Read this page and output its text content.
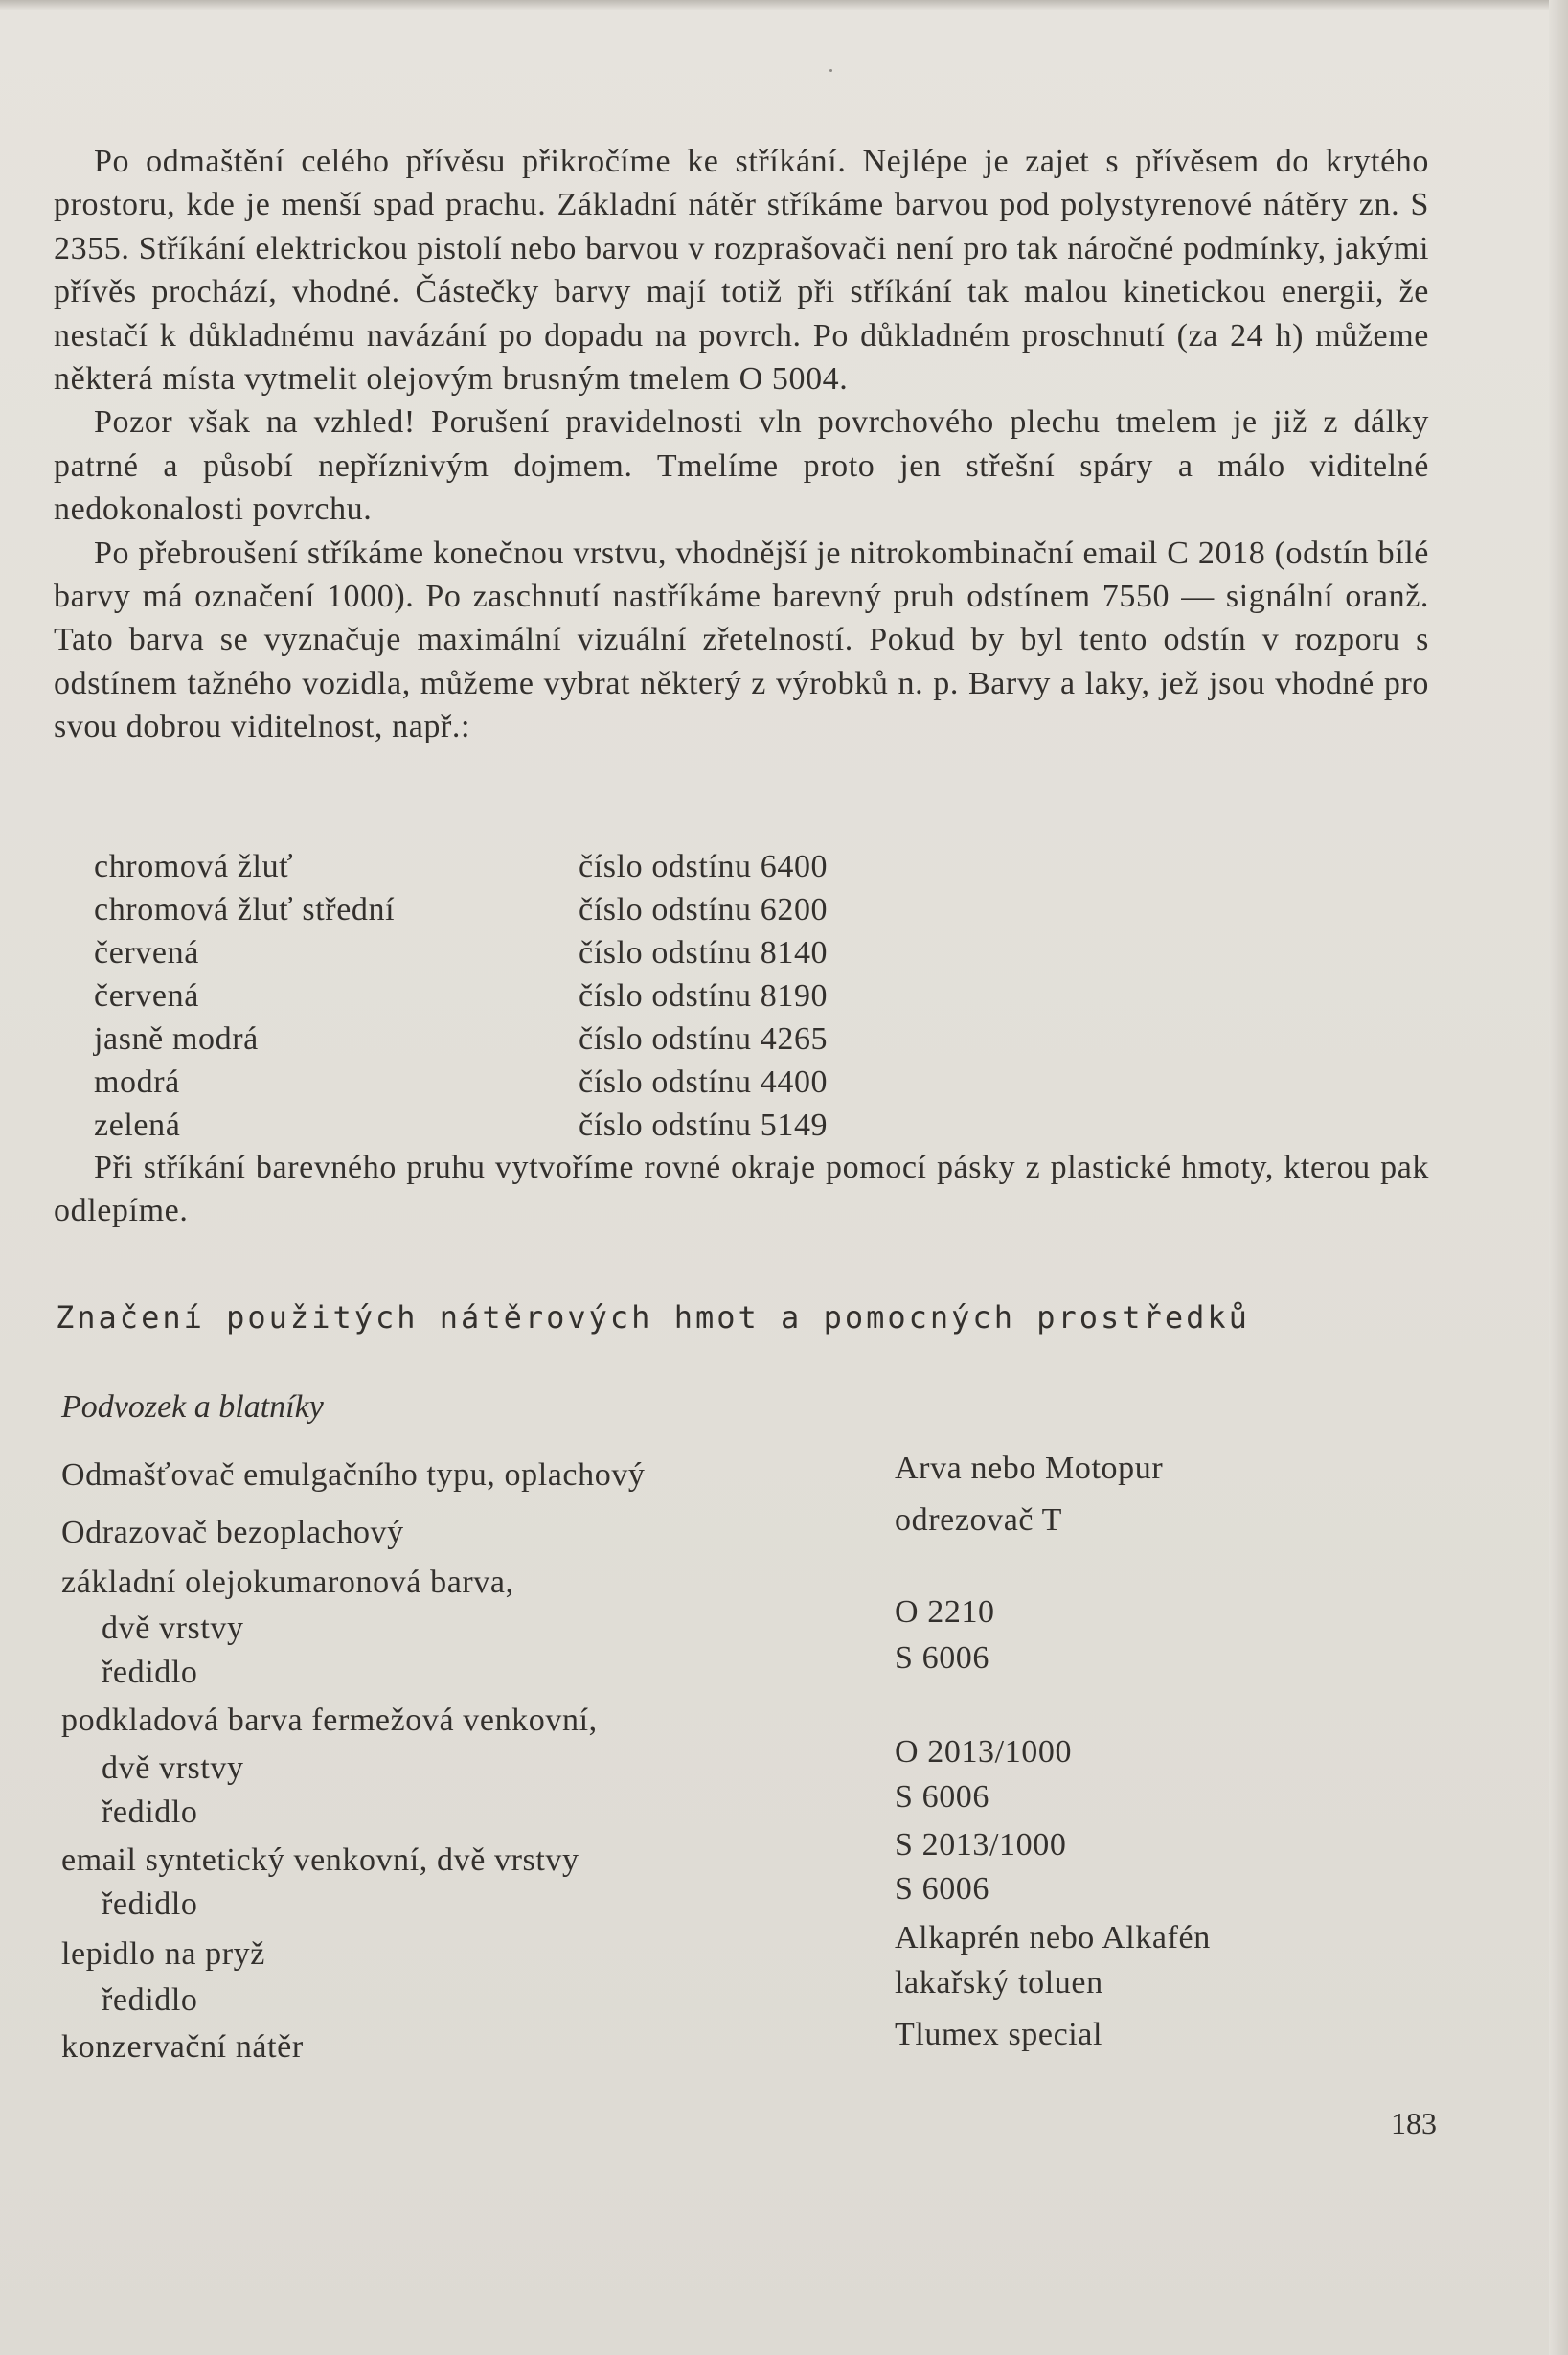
Po odmaštění celého přívěsu přikročíme ke stříkání. Nejlépe je zajet s přívěsem do krytého prostoru, kde je menší spad prachu. Základní nátěr stříkáme barvou pod polystyrenové nátěry zn. S 2355. Stříkání elektrickou pistolí nebo barvou v rozprašovači není pro tak náročné podmínky, jakými přívěs prochází, vhodné. Částečky barvy mají totiž při stříkání tak malou kinetickou energii, že nestačí k důkladnému navázání po dopadu na povrch. Po důkladném proschnutí (za 24 h) můžeme některá místa vytmelit olejovým brusným tmelem O 5004.

Pozor však na vzhled! Porušení pravidelnosti vln povrchového plechu tmelem je již z dálky patrné a působí nepříznivým dojmem. Tmelíme proto jen střešní spáry a málo viditelné nedokonalosti povrchu.

Po přebroušení stříkáme konečnou vrstvu, vhodnější je nitrokombinační email C 2018 (odstín bílé barvy má označení 1000). Po zaschnutí nastříkáme barevný pruh odstínem 7550 — signální oranž. Tato barva se vyznačuje maximální vizuální zřetelností. Pokud by byl tento odstín v rozporu s odstínem tažného vozidla, můžeme vybrat některý z výrobků n. p. Barvy a laky, jež jsou vhodné pro svou dobrou viditelnost, např.:

chromová žluť	číslo odstínu 6400
chromová žluť střední	číslo odstínu 6200
červená	číslo odstínu 8140
červená	číslo odstínu 8190
jasně modrá	číslo odstínu 4265
modrá	číslo odstínu 4400
zelená	číslo odstínu 5149

Při stříkání barevného pruhu vytvoříme rovné okraje pomocí pásky z plastické hmoty, kterou pak odlepíme.

Značení použitých nátěrových hmot a pomocných prostředků
Podvozek a blatníky
Odmašťovač emulgačního typu, oplachový	Arva nebo Motopur
Odrazovač bezoplachový	odrezovač T
základní olejokumaronová barva,
dvě vrstvy	O 2210
ředidlo	S 6006
podkladová barva fermežová venkovní,
dvě vrstvy	O 2013/1000
ředidlo	S 6006
email syntetický venkovní, dvě vrstvy	S 2013/1000
ředidlo	S 6006
lepidlo na pryž	Alkaprén nebo Alkafén
ředidlo	lakařský toluen
konzervační nátěr	Tlumex special
183
